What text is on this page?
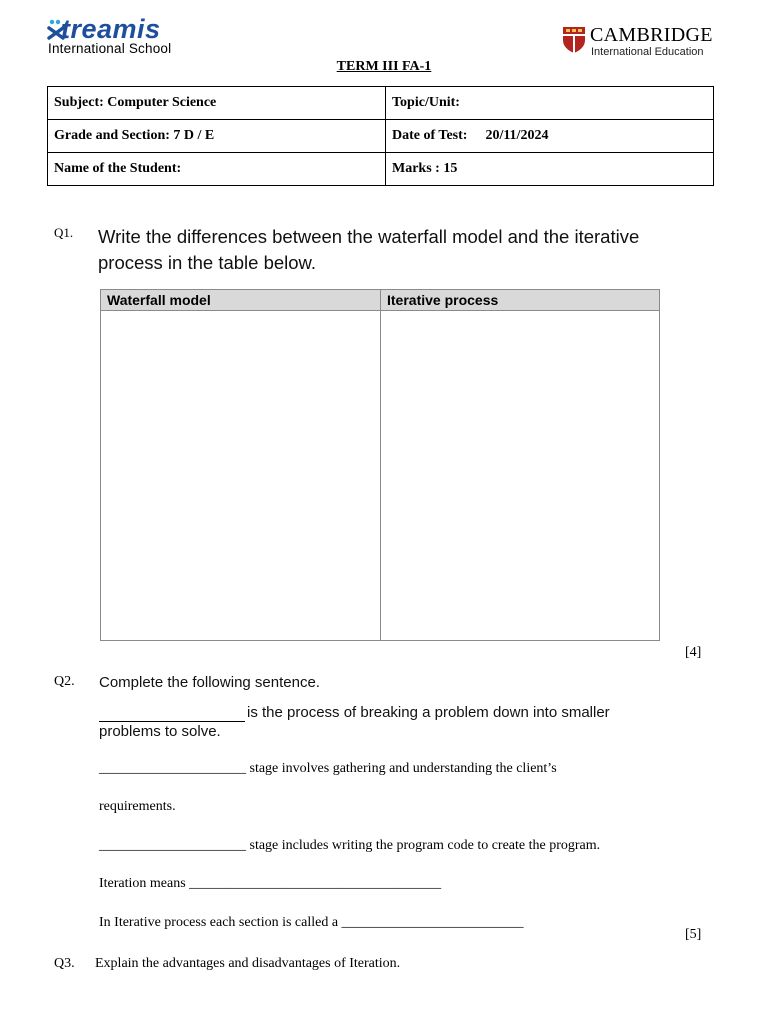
treamis
International School
CAMBRIDGE
International Education
TERM III FA-1
Subject: Computer Science	Topic/Unit:
Grade and Section: 7 D / E	Date of Test: 20/11/2024
Name of the Student:	Marks : 15
Q1. Write the differences between the waterfall model and the iterative process in the table below.
Waterfall model	Iterative process

[4]
Q2. Complete the following sentence.
is the process of breaking a problem down into smaller problems to solve.
_____________________ stage involves gathering and understanding the client’s
requirements.
_____________________ stage includes writing the program code to create the program.
Iteration means ____________________________________
In Iterative process each section is called a __________________________
[5]
Q3. Explain the advantages and disadvantages of Iteration.
